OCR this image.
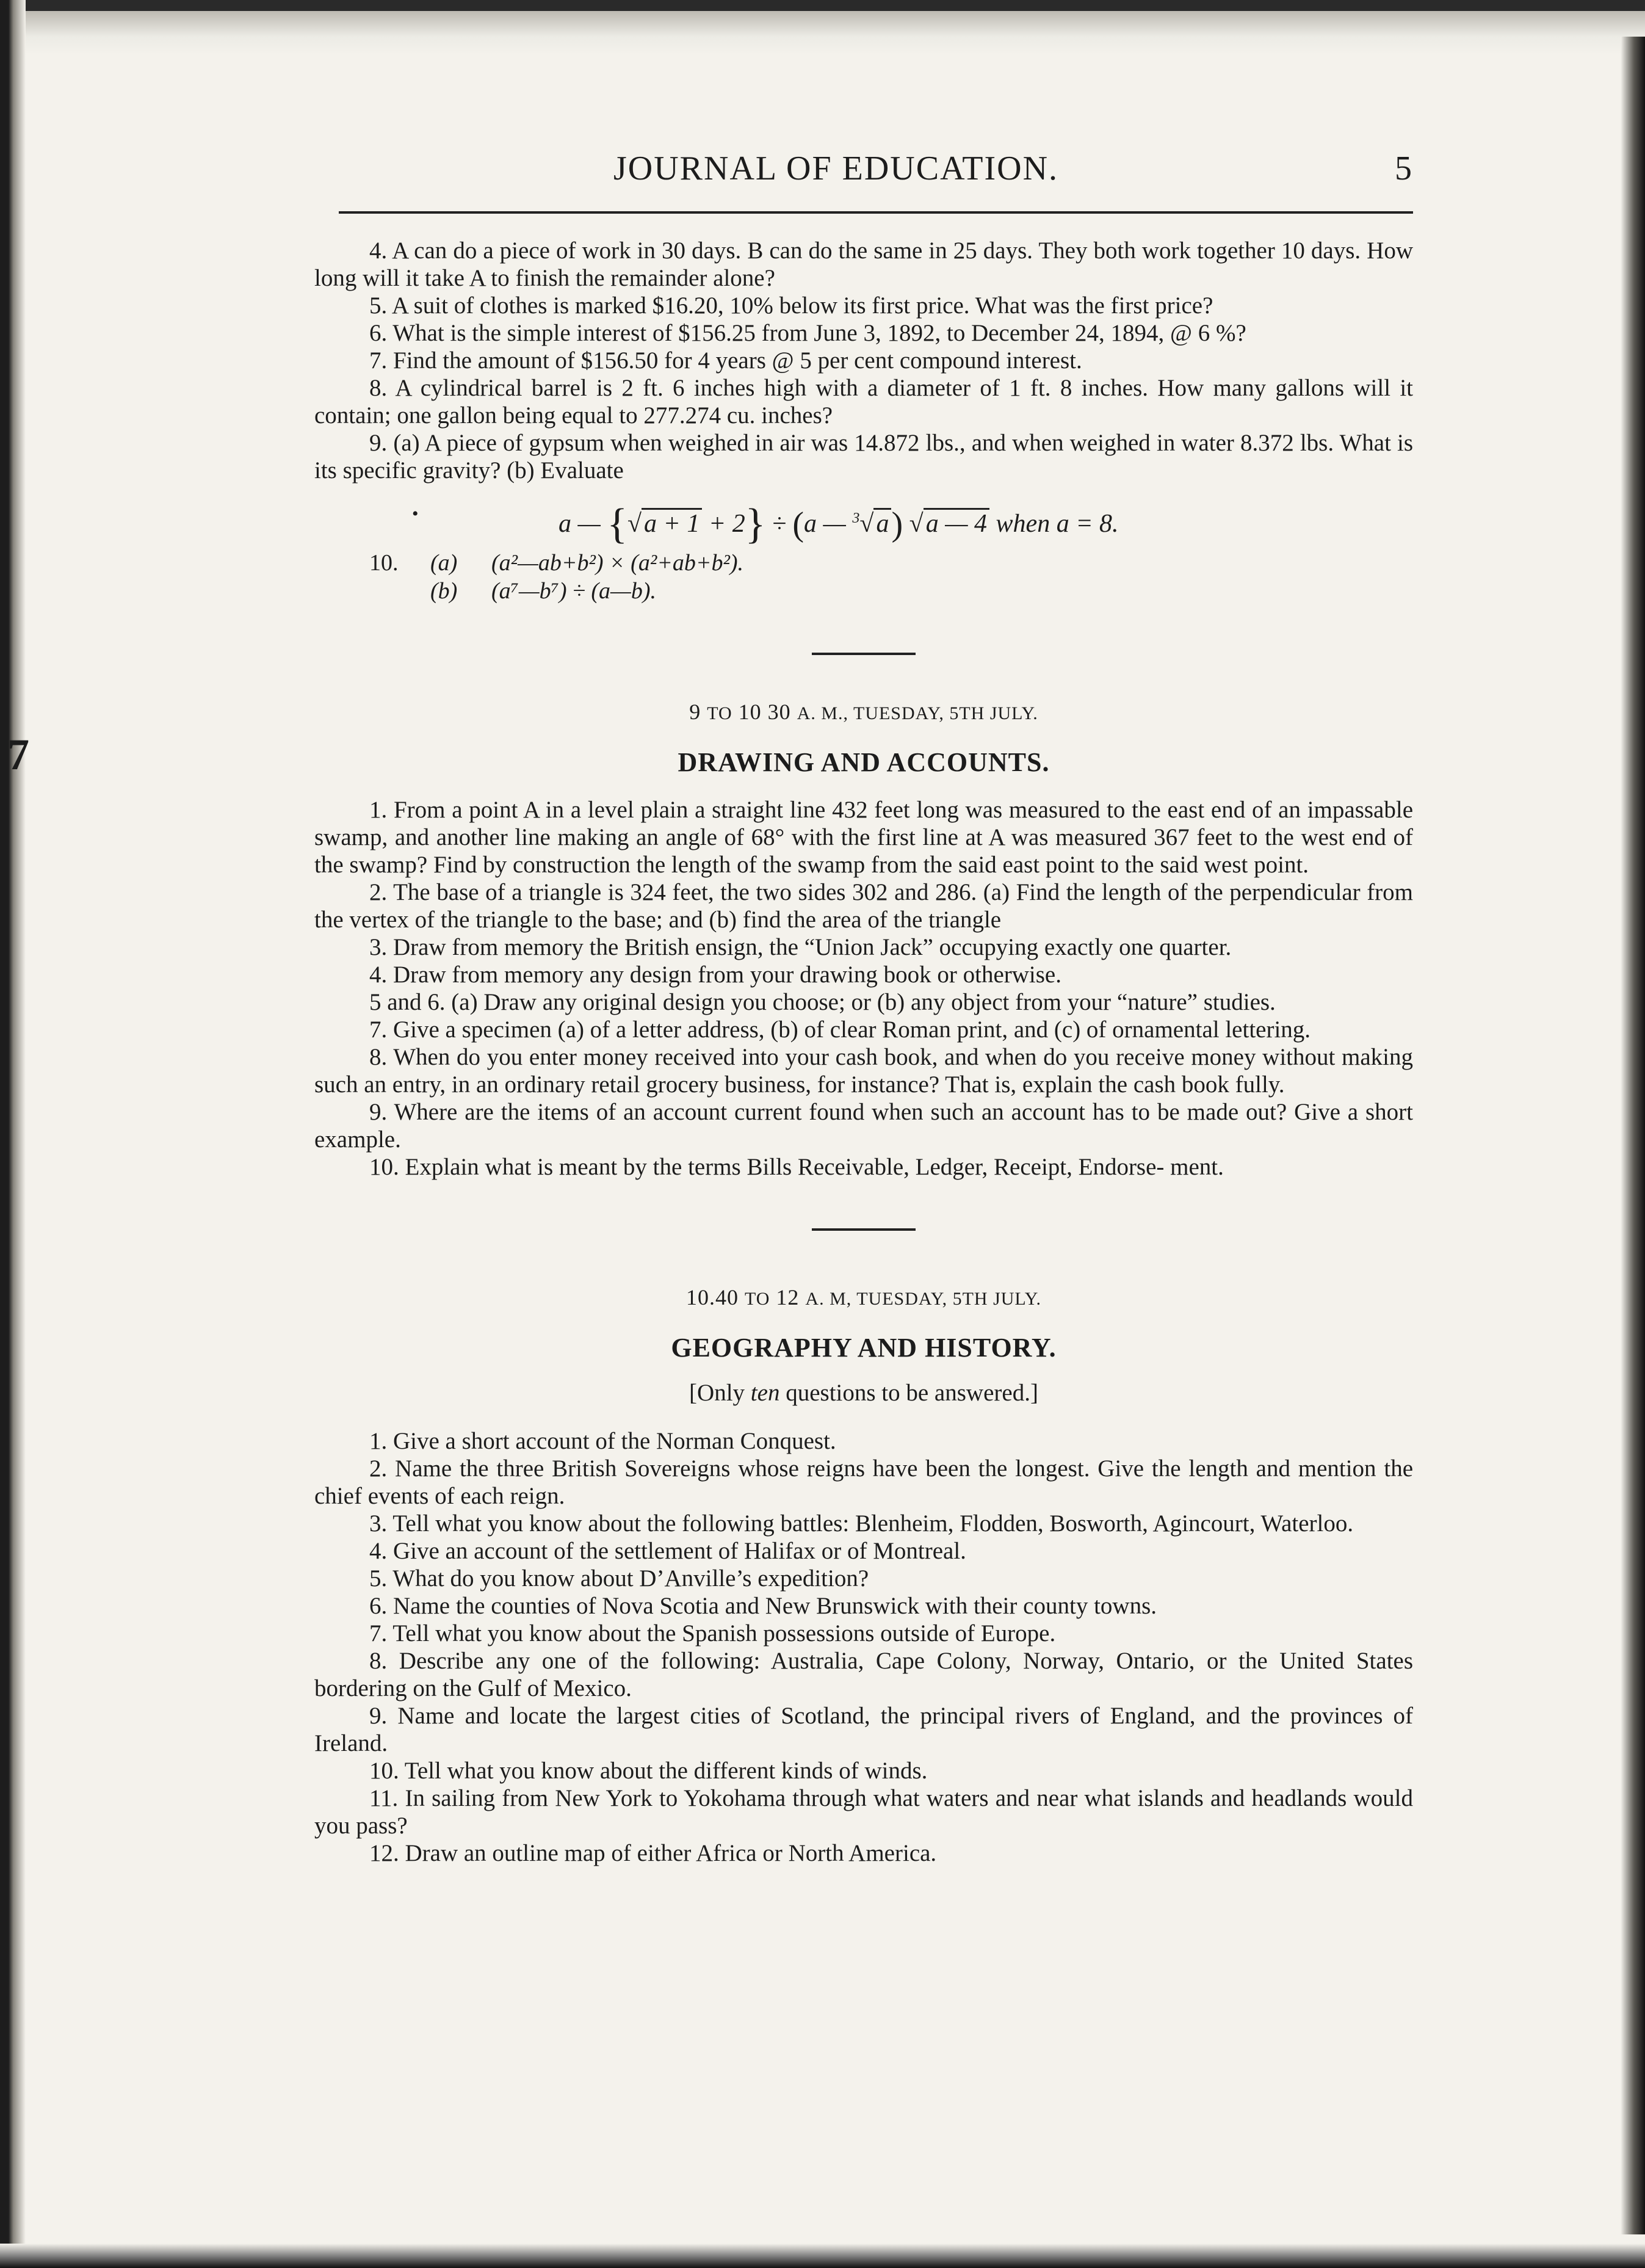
7
JOURNAL OF EDUCATION.	5

4. A can do a piece of work in 30 days. B can do the same in 25 days. They both work together 10 days. How long will it take A to finish the remainder alone?

5. A suit of clothes is marked $16.20, 10% below its first price. What was the first price?

6. What is the simple interest of $156.25 from June 3, 1892, to December 24, 1894, @ 6 %?

7. Find the amount of $156.50 for 4 years @ 5 per cent compound interest.

8. A cylindrical barrel is 2 ft. 6 inches high with a diameter of 1 ft. 8 inches. How many gallons will it contain; one gallon being equal to 277.274 cu. inches?

9. (a) A piece of gypsum when weighed in air was 14.872 lbs., and when weighed in water 8.372 lbs. What is its specific gravity? (b) Evaluate

•	a — {√a + 1 + 2} ÷ (a — $^3$√a) √a — 4 when a = 8.
10. (a) (a²—ab+b²) × (a²+ab+b²).
(b) (a⁷—b⁷) ÷ (a—b).
9 TO 10 30 A. M., TUESDAY, 5TH JULY.
DRAWING AND ACCOUNTS.

1. From a point A in a level plain a straight line 432 feet long was measured to the east end of an impassable swamp, and another line making an angle of 68° with the first line at A was measured 367 feet to the west end of the swamp? Find by construction the length of the swamp from the said east point to the said west point.

2. The base of a triangle is 324 feet, the two sides 302 and 286. (a) Find the length of the perpendicular from the vertex of the triangle to the base; and (b) find the area of the triangle

3. Draw from memory the British ensign, the “Union Jack” occupying exactly one quarter.

4. Draw from memory any design from your drawing book or otherwise.

5 and 6. (a) Draw any original design you choose; or (b) any object from your “nature” studies.

7. Give a specimen (a) of a letter address, (b) of clear Roman print, and (c) of ornamental lettering.

8. When do you enter money received into your cash book, and when do you receive money without making such an entry, in an ordinary retail grocery business, for instance? That is, explain the cash book fully.

9. Where are the items of an account current found when such an account has to be made out? Give a short example.

10. Explain what is meant by the terms Bills Receivable, Ledger, Receipt, Endorse- ment.

10.40 TO 12 A. M, TUESDAY, 5TH JULY.
GEOGRAPHY AND HISTORY.
[Only ten questions to be answered.]

1. Give a short account of the Norman Conquest.

2. Name the three British Sovereigns whose reigns have been the longest. Give the length and mention the chief events of each reign.

3. Tell what you know about the following battles: Blenheim, Flodden, Bosworth, Agincourt, Waterloo.

4. Give an account of the settlement of Halifax or of Montreal.

5. What do you know about D’Anville’s expedition?

6. Name the counties of Nova Scotia and New Brunswick with their county towns.

7. Tell what you know about the Spanish possessions outside of Europe.

8. Describe any one of the following: Australia, Cape Colony, Norway, Ontario, or the United States bordering on the Gulf of Mexico.

9. Name and locate the largest cities of Scotland, the principal rivers of England, and the provinces of Ireland.

10. Tell what you know about the different kinds of winds.

11. In sailing from New York to Yokohama through what waters and near what islands and headlands would you pass?

12. Draw an outline map of either Africa or North America.
